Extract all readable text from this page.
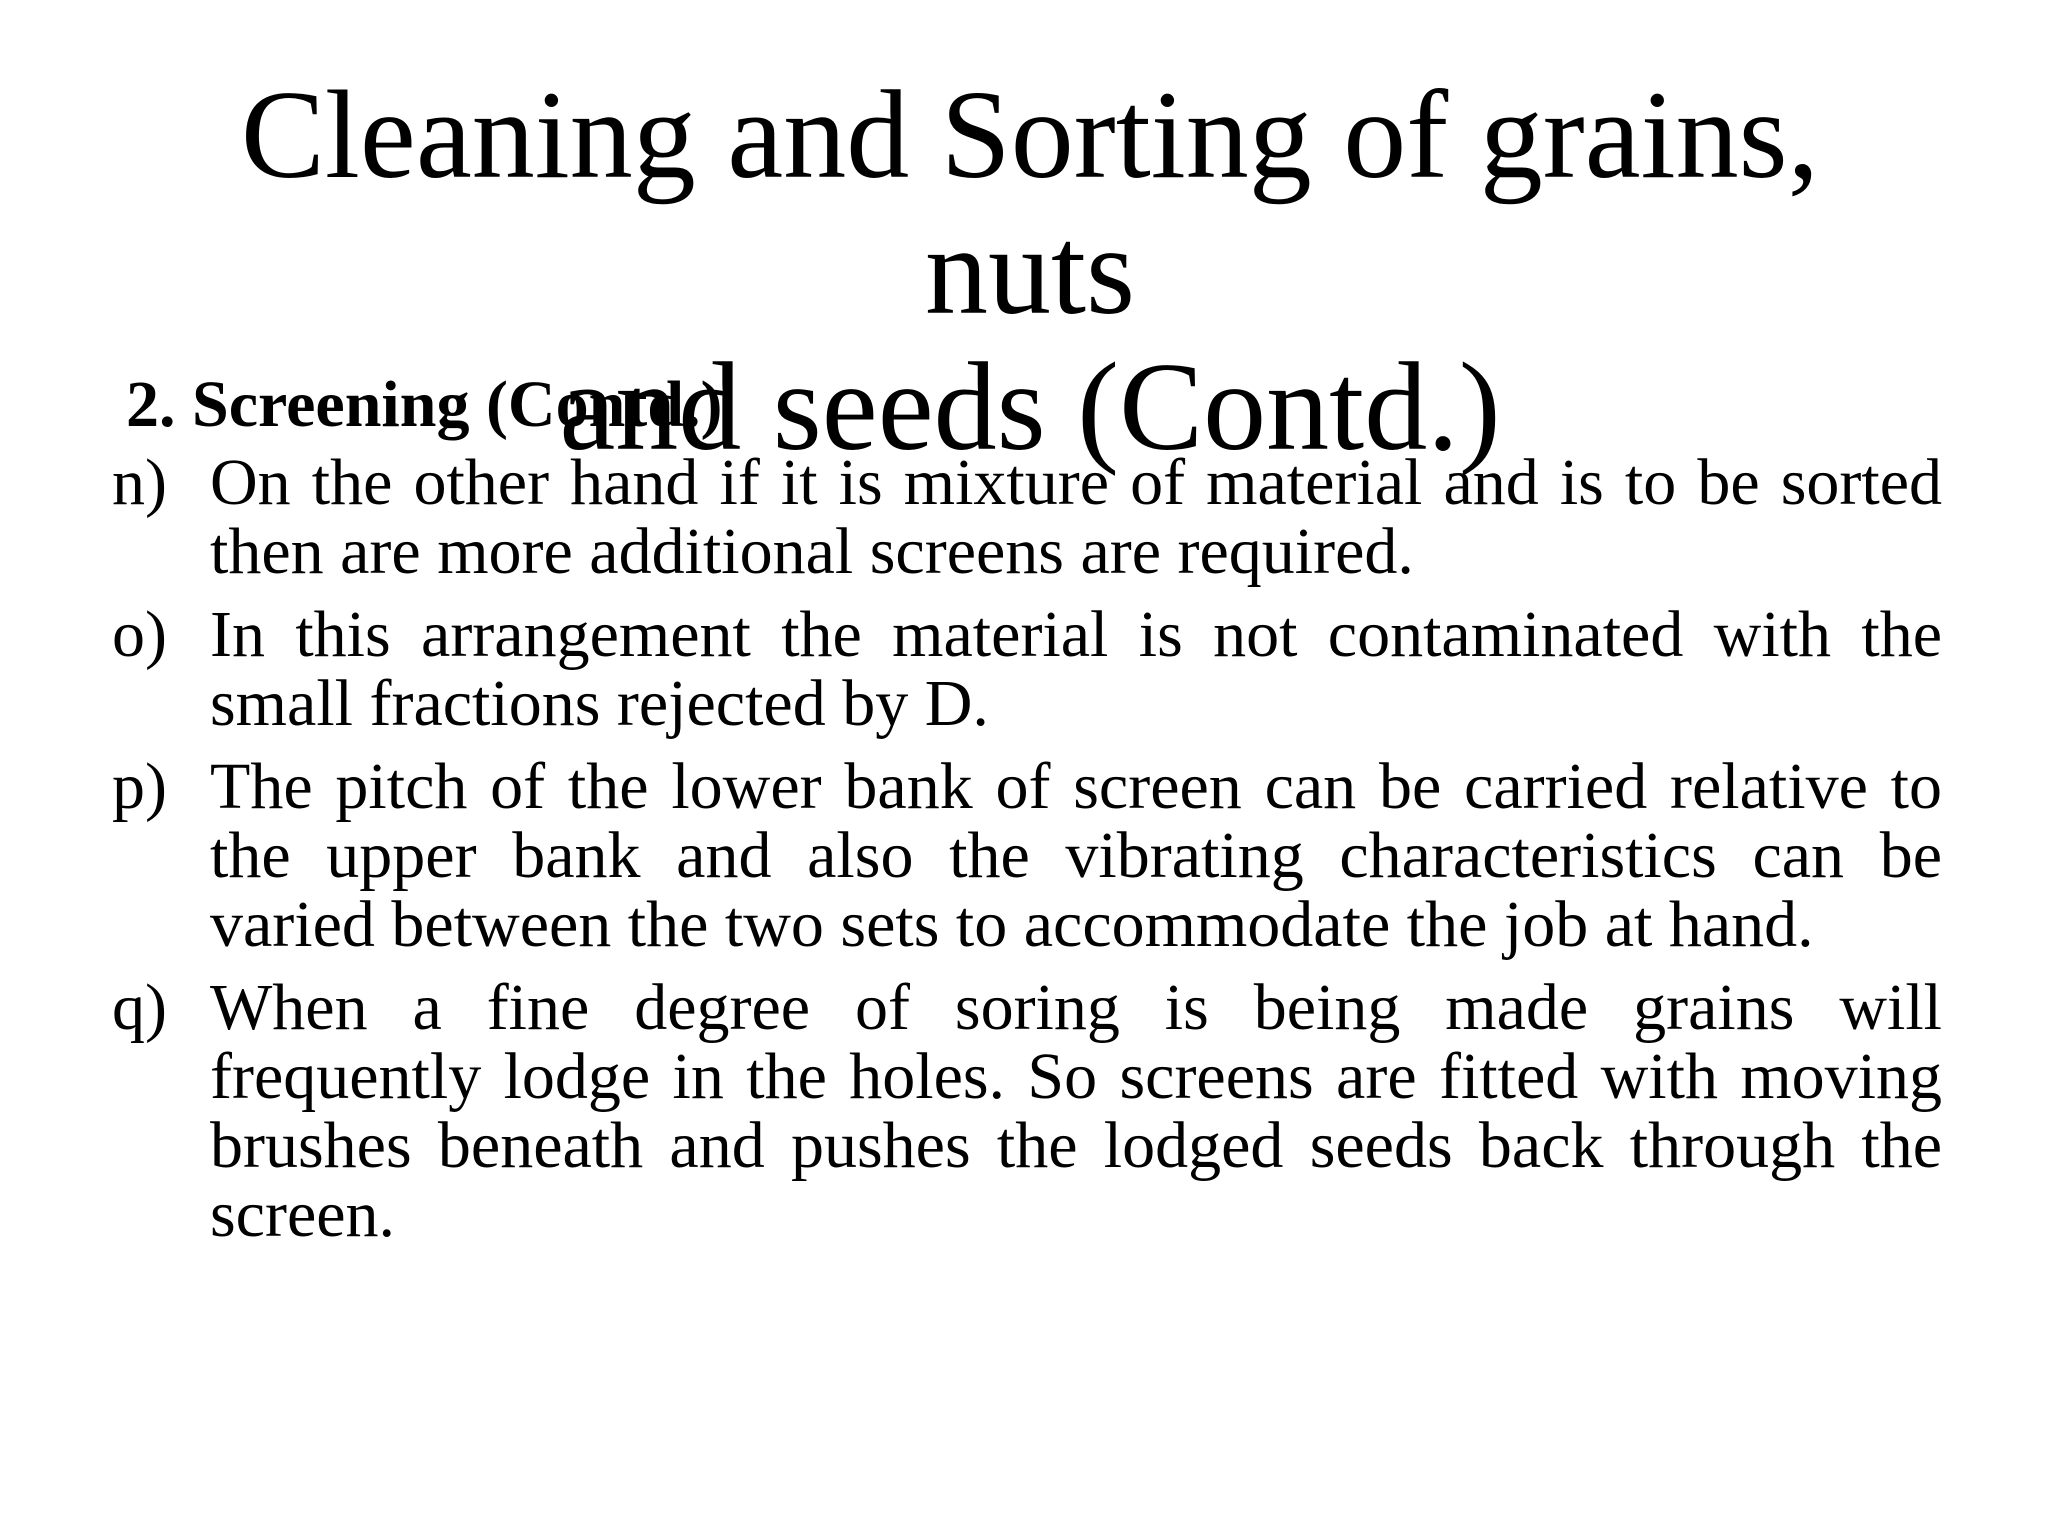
Cleaning and Sorting of grains, nuts
and seeds (Contd.)
2. Screening (Contd.)
n) On the other hand if it is mixture of material and is to be sorted then are more additional screens are required.
o) In this arrangement the material is not contaminated with the small fractions rejected by D.
p) The pitch of the lower bank of screen can be carried relative to the upper bank and also the vibrating characteristics can be varied between the two sets to accommodate the job at hand.
q) When a fine degree of soring is being made grains will frequently lodge in the holes. So screens are fitted with moving brushes beneath and pushes the lodged seeds back through the screen.
